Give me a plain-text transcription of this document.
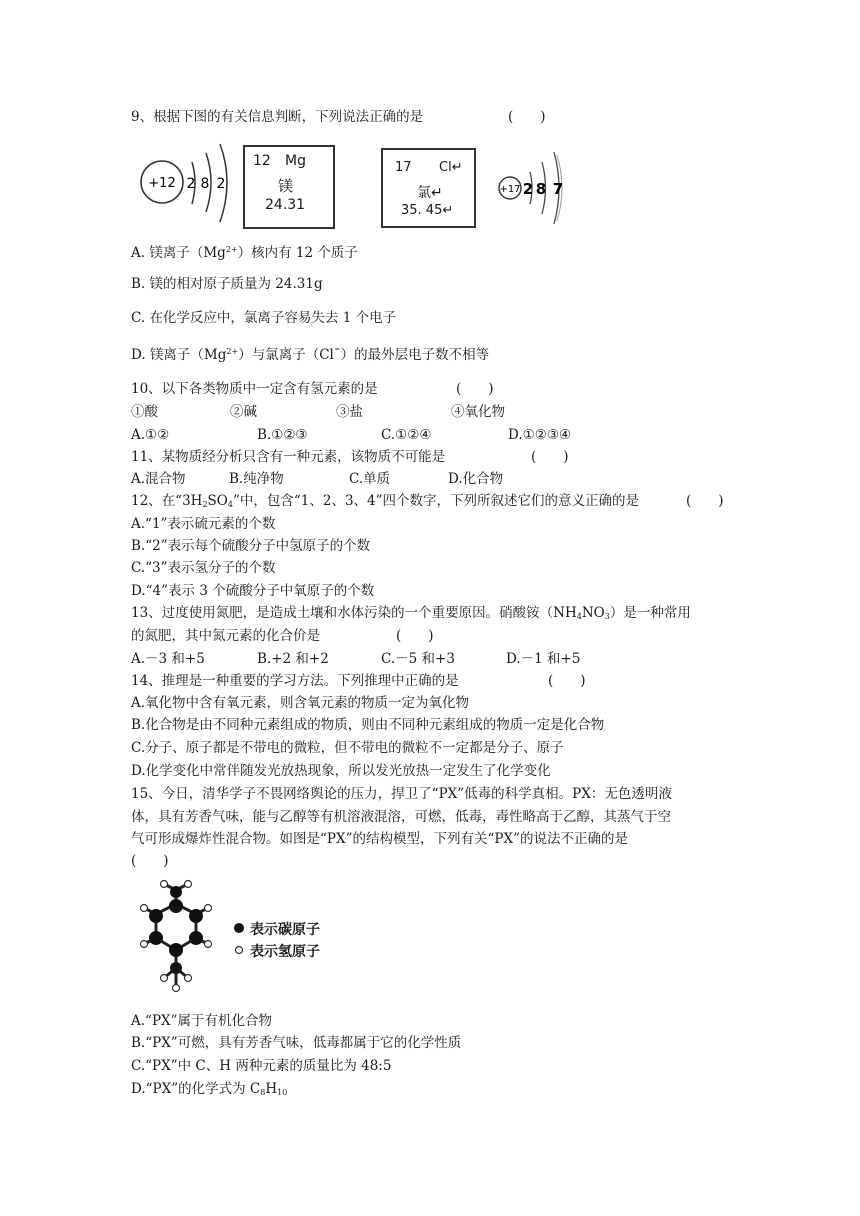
9、根据下图的有关信息判断，下列说法正确的是	(　　)
+12 2 8 2
12 Mg
镁
24.31
17 Cl↵
氯↵
35. 45↵
+17 2 8 7
A. 镁离子$(Mg^{2+})$核内有 12 个质子
B. 镁的相对原子质量为 24.31g
C. 在化学反应中，氯离子容易失去 1 个电子
D. 镁离子$(Mg^{2+})$与氯离子（Cl¯）的最外层电子数不相等
10、以下各类物质中一定含有氢元素的是	(　　)
①酸	②碱	③盐	④氧化物
A.①②	B.①②③	C.①②④	D.①②③④
11、某物质经分析只含有一种元素，该物质不可能是	(　　)
A.混合物	B.纯净物	C.单质	D.化合物
12、在“$3H_2SO_4$”中，包含“1、2、3、4”四个数字，下列所叙述它们的意义正确的是	(　　)
A.“1”表示硫元素的个数
B.“2”表示每个硫酸分子中氢原子的个数
C.“3”表示氢分子的个数
D.“4”表示 3 个硫酸分子中氧原子的个数
13、过度使用氮肥，是造成土壤和水体污染的一个重要原因。硝酸铵$(NH_4NO_3)$是一种常用
的氮肥，其中氮元素的化合价是	(　　)
A.－3 和+5	B.+2 和+2	C.－5 和+3	D.－1 和+5
14、推理是一种重要的学习方法。下列推理中正确的是	(　　)
A.氧化物中含有氧元素，则含氧元素的物质一定为氧化物
B.化合物是由不同种元素组成的物质，则由不同种元素组成的物质一定是化合物
C.分子、原子都是不带电的微粒，但不带电的微粒不一定都是分子、原子
D.化学变化中常伴随发光放热现象，所以发光放热一定发生了化学变化
15、今日，清华学子不畏网络舆论的压力，捍卫了“PX”低毒的科学真相。PX：无色透明液
体，具有芳香气味，能与乙醇等有机溶液混溶，可燃，低毒，毒性略高于乙醇，其蒸气于空
气可形成爆炸性混合物。如图是“PX”的结构模型，下列有关“PX”的说法不正确的是
(　　)
表示碳原子
表示氢原子
A.“PX”属于有机化合物
B.“PX”可燃，具有芳香气味，低毒都属于它的化学性质
C.“PX”中 C、H 两种元素的质量比为 48:5
D.“PX”的化学式为 $C_8H_{10}$
